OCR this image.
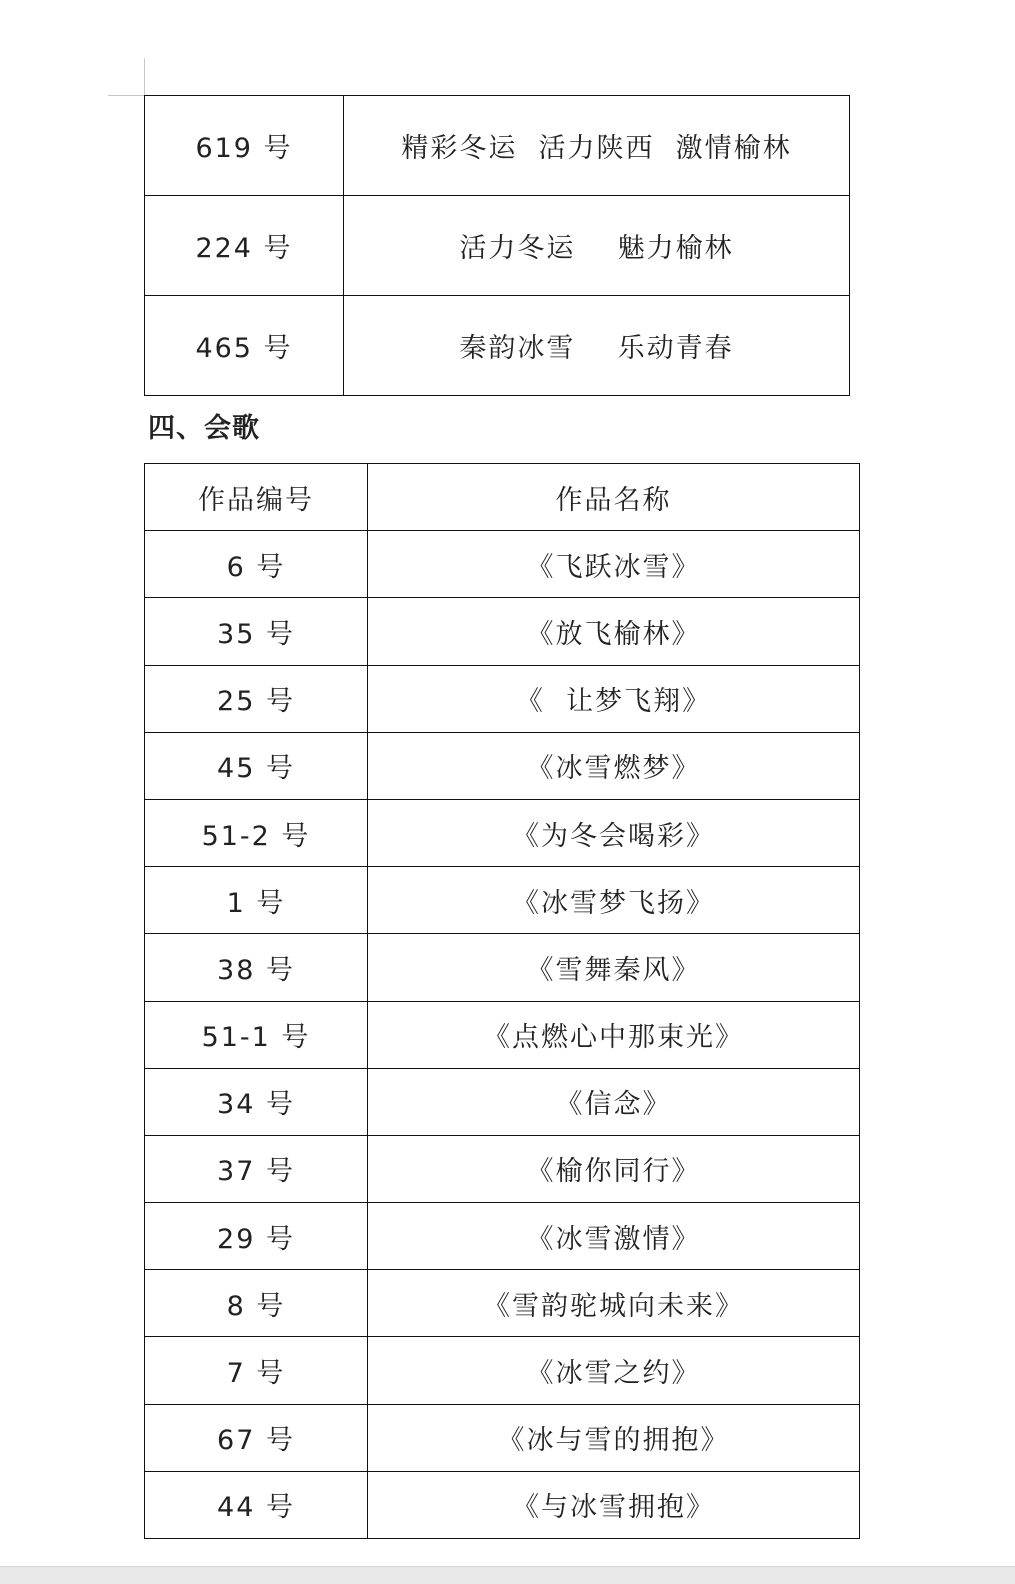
619 号	精彩冬运  活力陕西  激情榆林
224 号	活力冬运    魅力榆林
465 号	秦韵冰雪    乐动青春
四、会歌
作品编号	作品名称
6 号	《飞跃冰雪》
35 号	《放飞榆林》
25 号	《  让梦飞翔》
45 号	《冰雪燃梦》
51-2 号	《为冬会喝彩》
1 号	《冰雪梦飞扬》
38 号	《雪舞秦风》
51-1 号	《点燃心中那束光》
34 号	《信念》
37 号	《榆你同行》
29 号	《冰雪激情》
8 号	《雪韵驼城向未来》
7 号	《冰雪之约》
67 号	《冰与雪的拥抱》
44 号	《与冰雪拥抱》
